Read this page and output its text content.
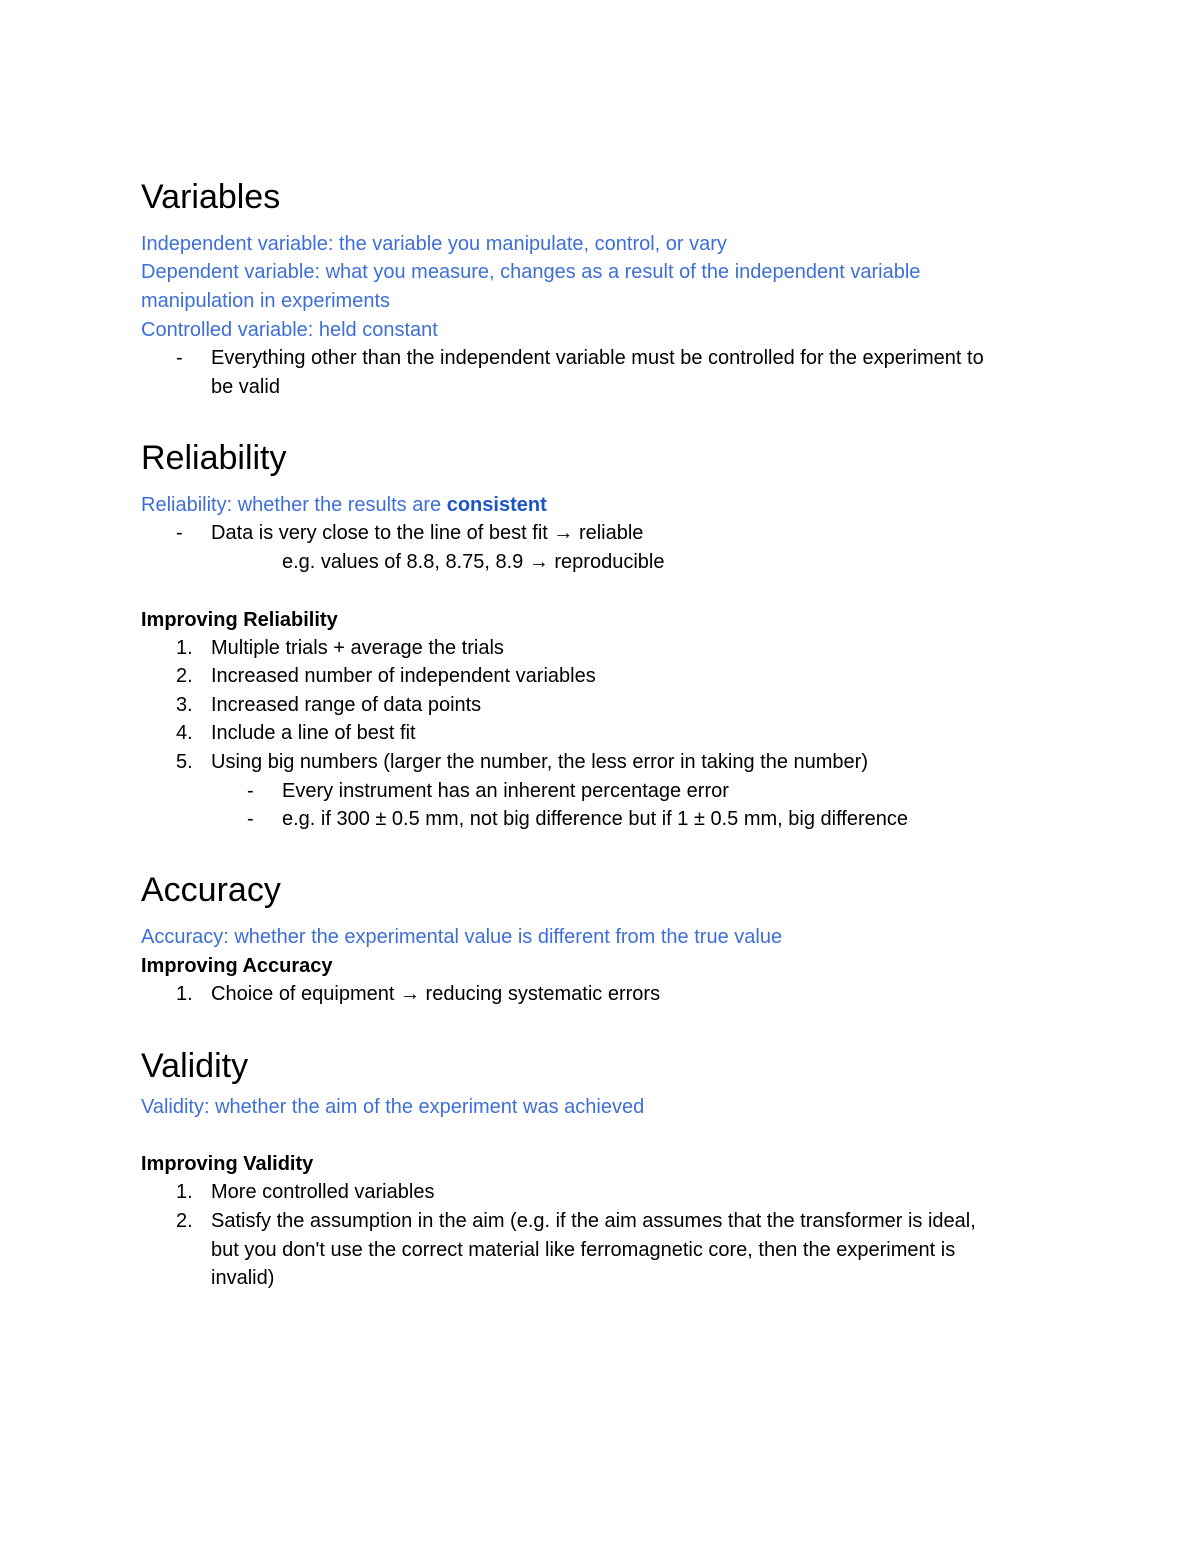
Variables
Independent variable: the variable you manipulate, control, or vary
Dependent variable: what you measure, changes as a result of the independent variable
manipulation in experiments
Controlled variable: held constant
- Everything other than the independent variable must be controlled for the experiment to
be valid
Reliability
Reliability: whether the results are consistent
- Data is very close to the line of best fit → reliable
e.g. values of 8.8, 8.75, 8.9 → reproducible
Improving Reliability
1. Multiple trials + average the trials
2. Increased number of independent variables
3. Increased range of data points
4. Include a line of best fit
5. Using big numbers (larger the number, the less error in taking the number)
- Every instrument has an inherent percentage error
- e.g. if 300 ± 0.5 mm, not big difference but if 1 ± 0.5 mm, big difference
Accuracy
Accuracy: whether the experimental value is different from the true value
Improving Accuracy
1. Choice of equipment → reducing systematic errors
Validity
Validity: whether the aim of the experiment was achieved
Improving Validity
1. More controlled variables
2. Satisfy the assumption in the aim (e.g. if the aim assumes that the transformer is ideal,
but you don't use the correct material like ferromagnetic core, then the experiment is
invalid)
